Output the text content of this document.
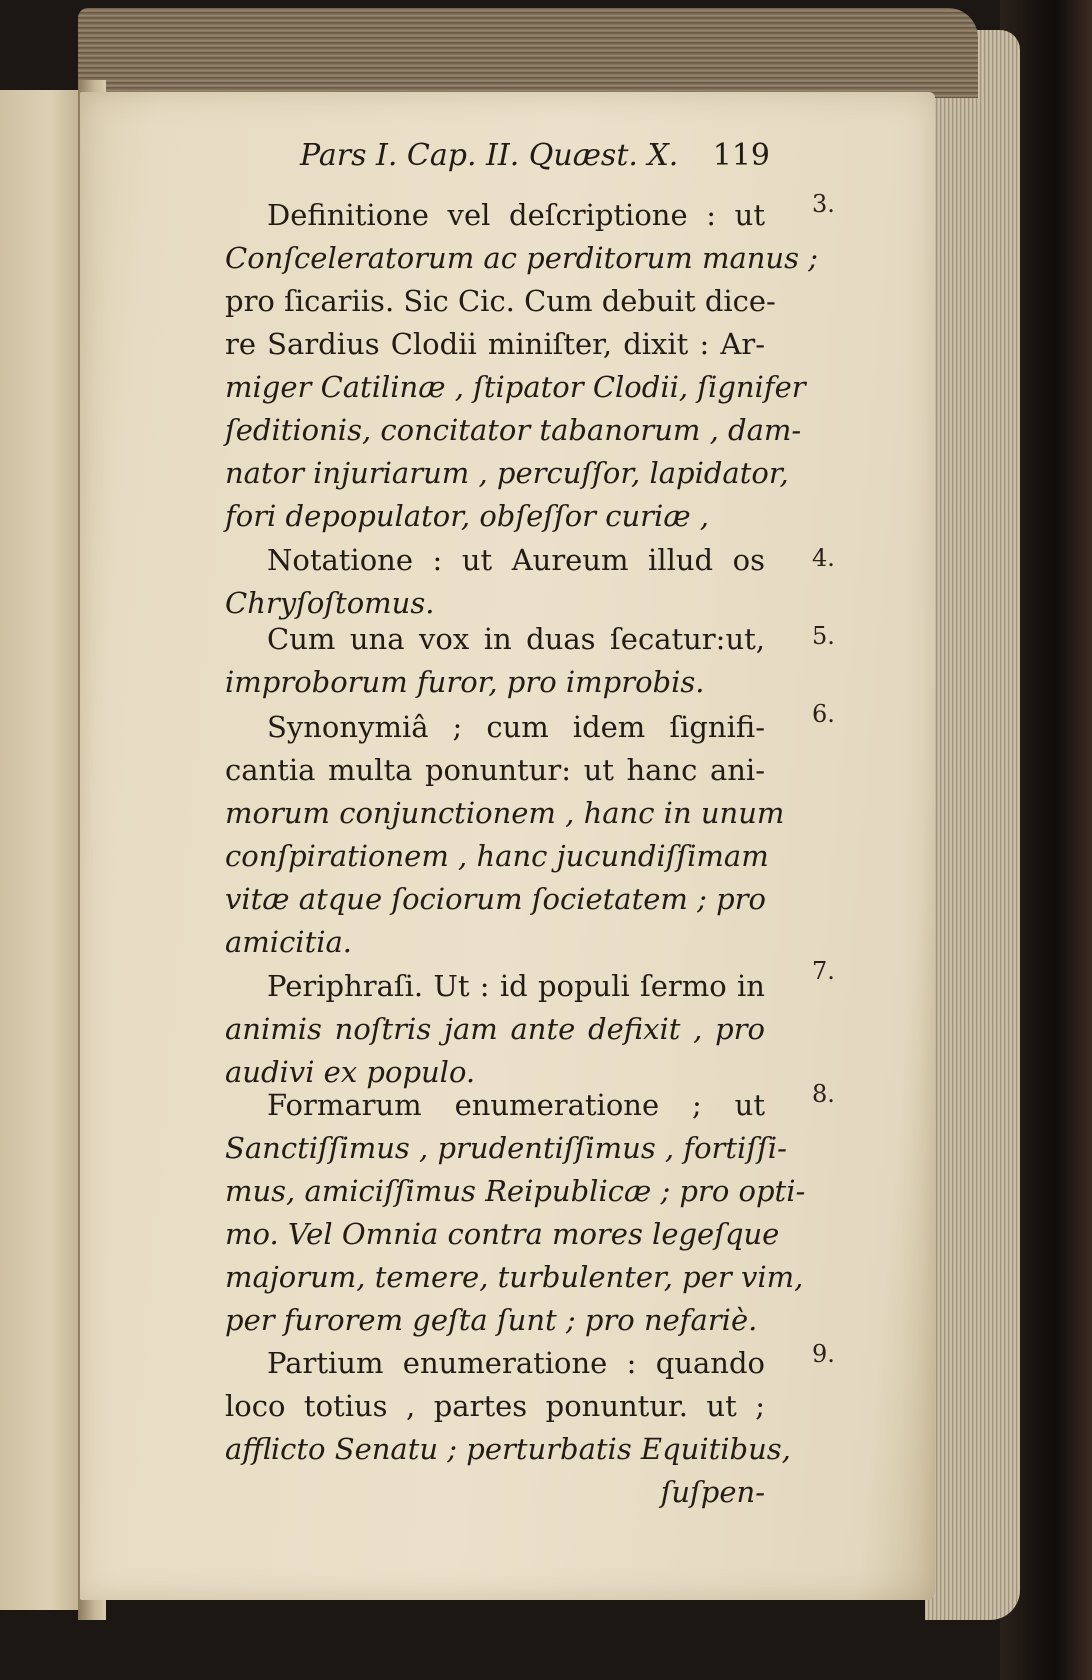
Pars I. Cap. II. Quæst. X. 119
3.
4.
5.
6.
7.
8.
9.
Definitione vel deſcriptione : ut
Conſceleratorum ac perditorum manus ;
pro ſicariis. Sic Cic. Cum debuit dice-
re Sardius Clodii miniſter, dixit : Ar-
miger Catilinæ , ſtipator Clodii, ſignifer
ſeditionis, concitator tabanorum , dam-
nator injuriarum , percuſſor, lapidator,
fori depopulator, obſeſſor curiæ ,
Notatione : ut Aureum illud os
Chryſoſtomus.
Cum una vox in duas ſecatur:ut,
improborum furor, pro improbis.
Synonymiâ ; cum idem ſignifi-
cantia multa ponuntur: ut hanc ani-
morum conjunctionem , hanc in unum
conſpirationem , hanc jucundiſſimam
vitæ atque ſociorum ſocietatem ; pro
amicitia.
Periphraſi. Ut : id populi ſermo in
animis noſtris jam ante defixit , pro
audivi ex populo.
Formarum enumeratione ; ut
Sanctiſſimus , prudentiſſimus , fortiſſi-
mus, amiciſſimus Reipublicæ ; pro opti-
mo. Vel Omnia contra mores legeſque
majorum, temere, turbulenter, per vim,
per furorem geſta ſunt ; pro nefariè.
Partium enumeratione : quando
loco totius , partes ponuntur. ut ;
afflicto Senatu ; perturbatis Equitibus,
ſuſpen-
